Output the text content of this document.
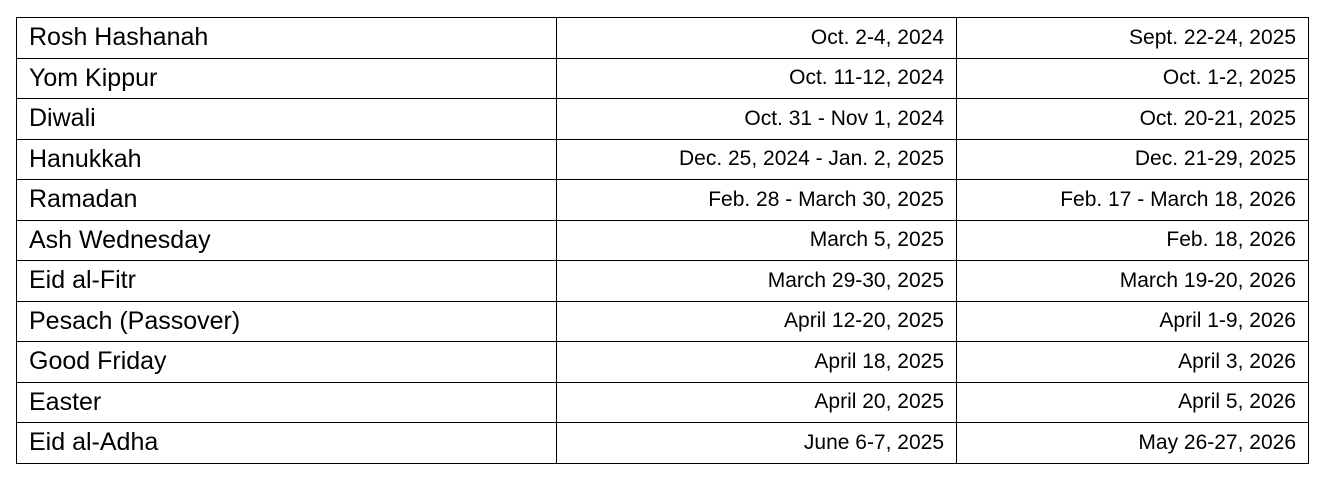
Rosh Hashanah	Oct. 2-4, 2024	Sept. 22-24, 2025
Yom Kippur	Oct. 11-12, 2024	Oct. 1-2, 2025
Diwali	Oct. 31 - Nov 1, 2024	Oct. 20-21, 2025
Hanukkah	Dec. 25, 2024 - Jan. 2, 2025	Dec. 21-29, 2025
Ramadan	Feb. 28 - March 30, 2025	Feb. 17 - March 18, 2026
Ash Wednesday	March 5, 2025	Feb. 18, 2026
Eid al-Fitr	March 29-30, 2025	March 19-20, 2026
Pesach (Passover)	April 12-20, 2025	April 1-9, 2026
Good Friday	April 18, 2025	April 3, 2026
Easter	April 20, 2025	April 5, 2026
Eid al-Adha	June 6-7, 2025	May 26-27, 2026
